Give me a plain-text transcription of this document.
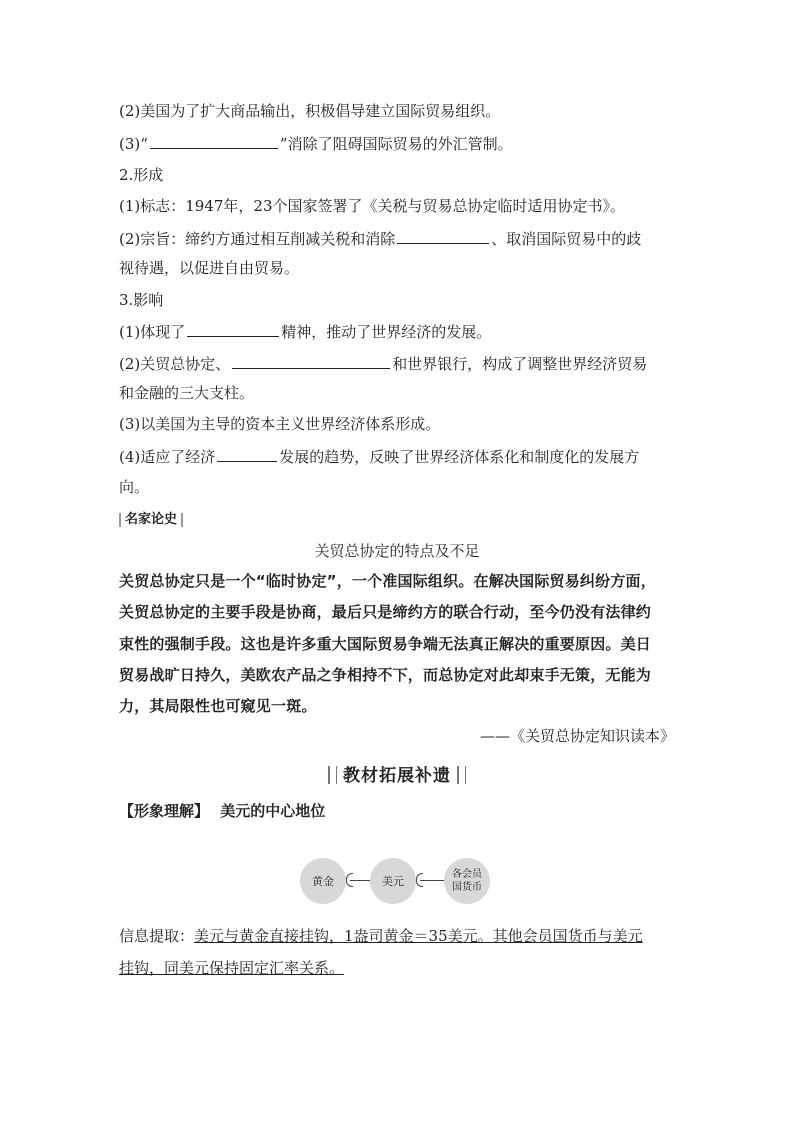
(2)美国为了扩大商品输出，积极倡导建立国际贸易组织。
(3)“	”消除了阻碍国际贸易的外汇管制。
2.形成
(1)标志：1947年，23个国家签署了《关税与贸易总协定临时适用协定书》。
(2)宗旨：缔约方通过相互削减关税和消除	、取消国际贸易中的歧
视待遇，以促进自由贸易。
3.影响
(1)体现了	精神，推动了世界经济的发展。
(2)关贸总协定、	和世界银行，构成了调整世界经济贸易
和金融的三大支柱。
(3)以美国为主导的资本主义世界经济体系形成。
(4)适应了经济	发展的趋势，反映了世界经济体系化和制度化的发展方
向。
名家论史
关贸总协定的特点及不足
关贸总协定只是一个“临时协定”，一个准国际组织。在解决国际贸易纠纷方面，
关贸总协定的主要手段是协商，最后只是缔约方的联合行动，至今仍没有法律约
束性的强制手段。这也是许多重大国际贸易争端无法真正解决的重要原因。美日
贸易战旷日持久，美欧农产品之争相持不下，而总协定对此却束手无策，无能为
力，其局限性也可窥见一斑。
——《关贸总协定知识读本》
教材拓展补遗
【形象理解】 美元的中心地位
黄金	美元	各会员国货币
信息提取：美元与黄金直接挂钩，1盎司黄金＝35美元。其他会员国货币与美元
挂钩，同美元保持固定汇率关系。
